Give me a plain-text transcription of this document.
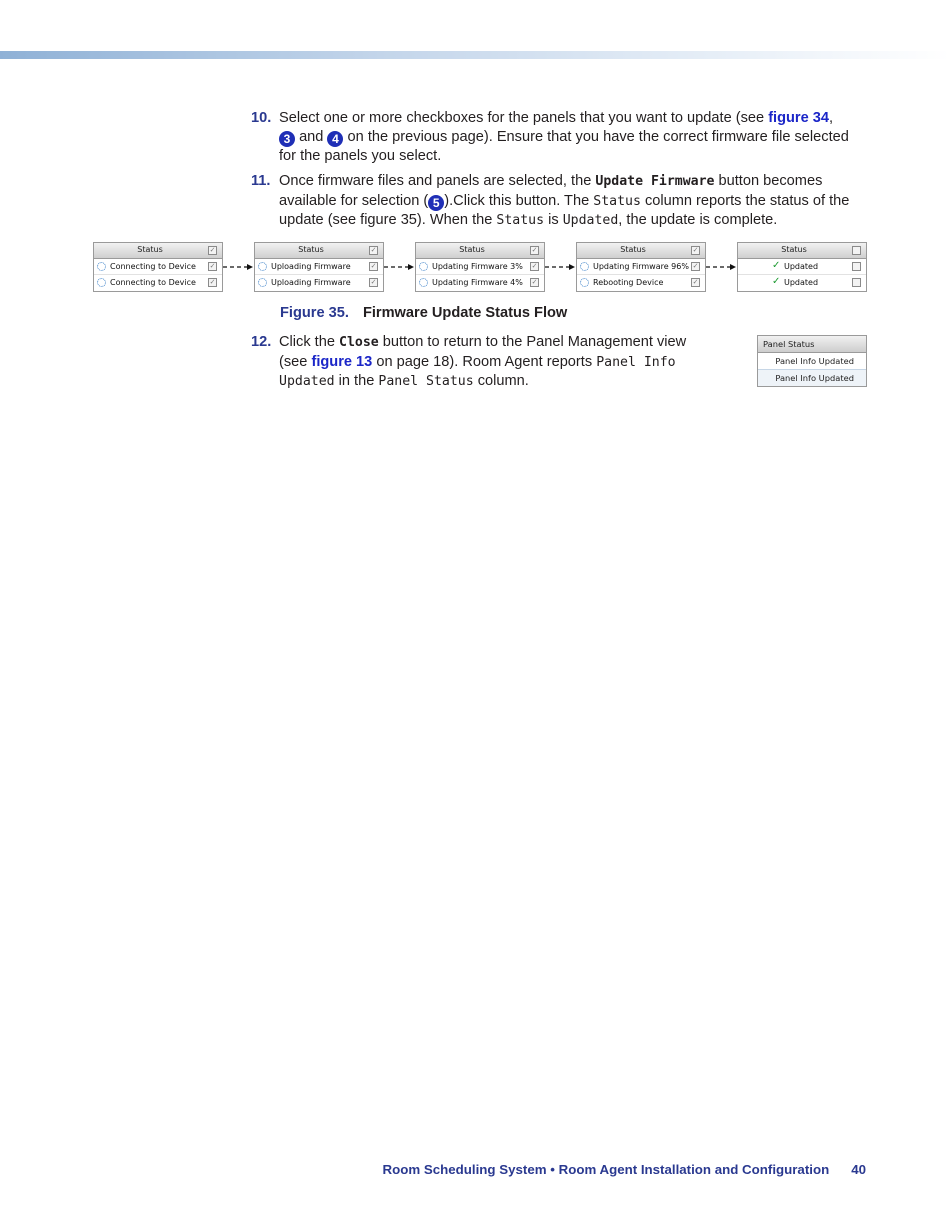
10. Select one or more checkboxes for the panels that you want to update (see figure 34,
3 and 4 on the previous page). Ensure that you have the correct firmware file selected for the panels you select.
11. Once firmware files and panels are selected, the Update Firmware button becomes available for selection ( 5 ).Click this button. The Status column reports the status of the update (see figure 35). When the Status is Updated, the update is complete.
Status	✓
Connecting to Device ✓
Connecting to Device ✓
Status	✓
Uploading Firmware	✓
Uploading Firmware	✓
Status	✓
Updating Firmware 3% ✓
Updating Firmware 4% ✓
Status	✓
Updating Firmware 96% ✓
Rebooting Device	✓
Status
✓ Updated
✓ Updated
Figure 35. Firmware Update Status Flow
12. Click the Close button to return to the Panel Management view (see figure 13 on page 18). Room Agent reports Panel Info Updated in the Panel Status column.
Panel Status
Panel Info Updated
Panel Info Updated
Room Scheduling System • Room Agent Installation and Configuration 40
